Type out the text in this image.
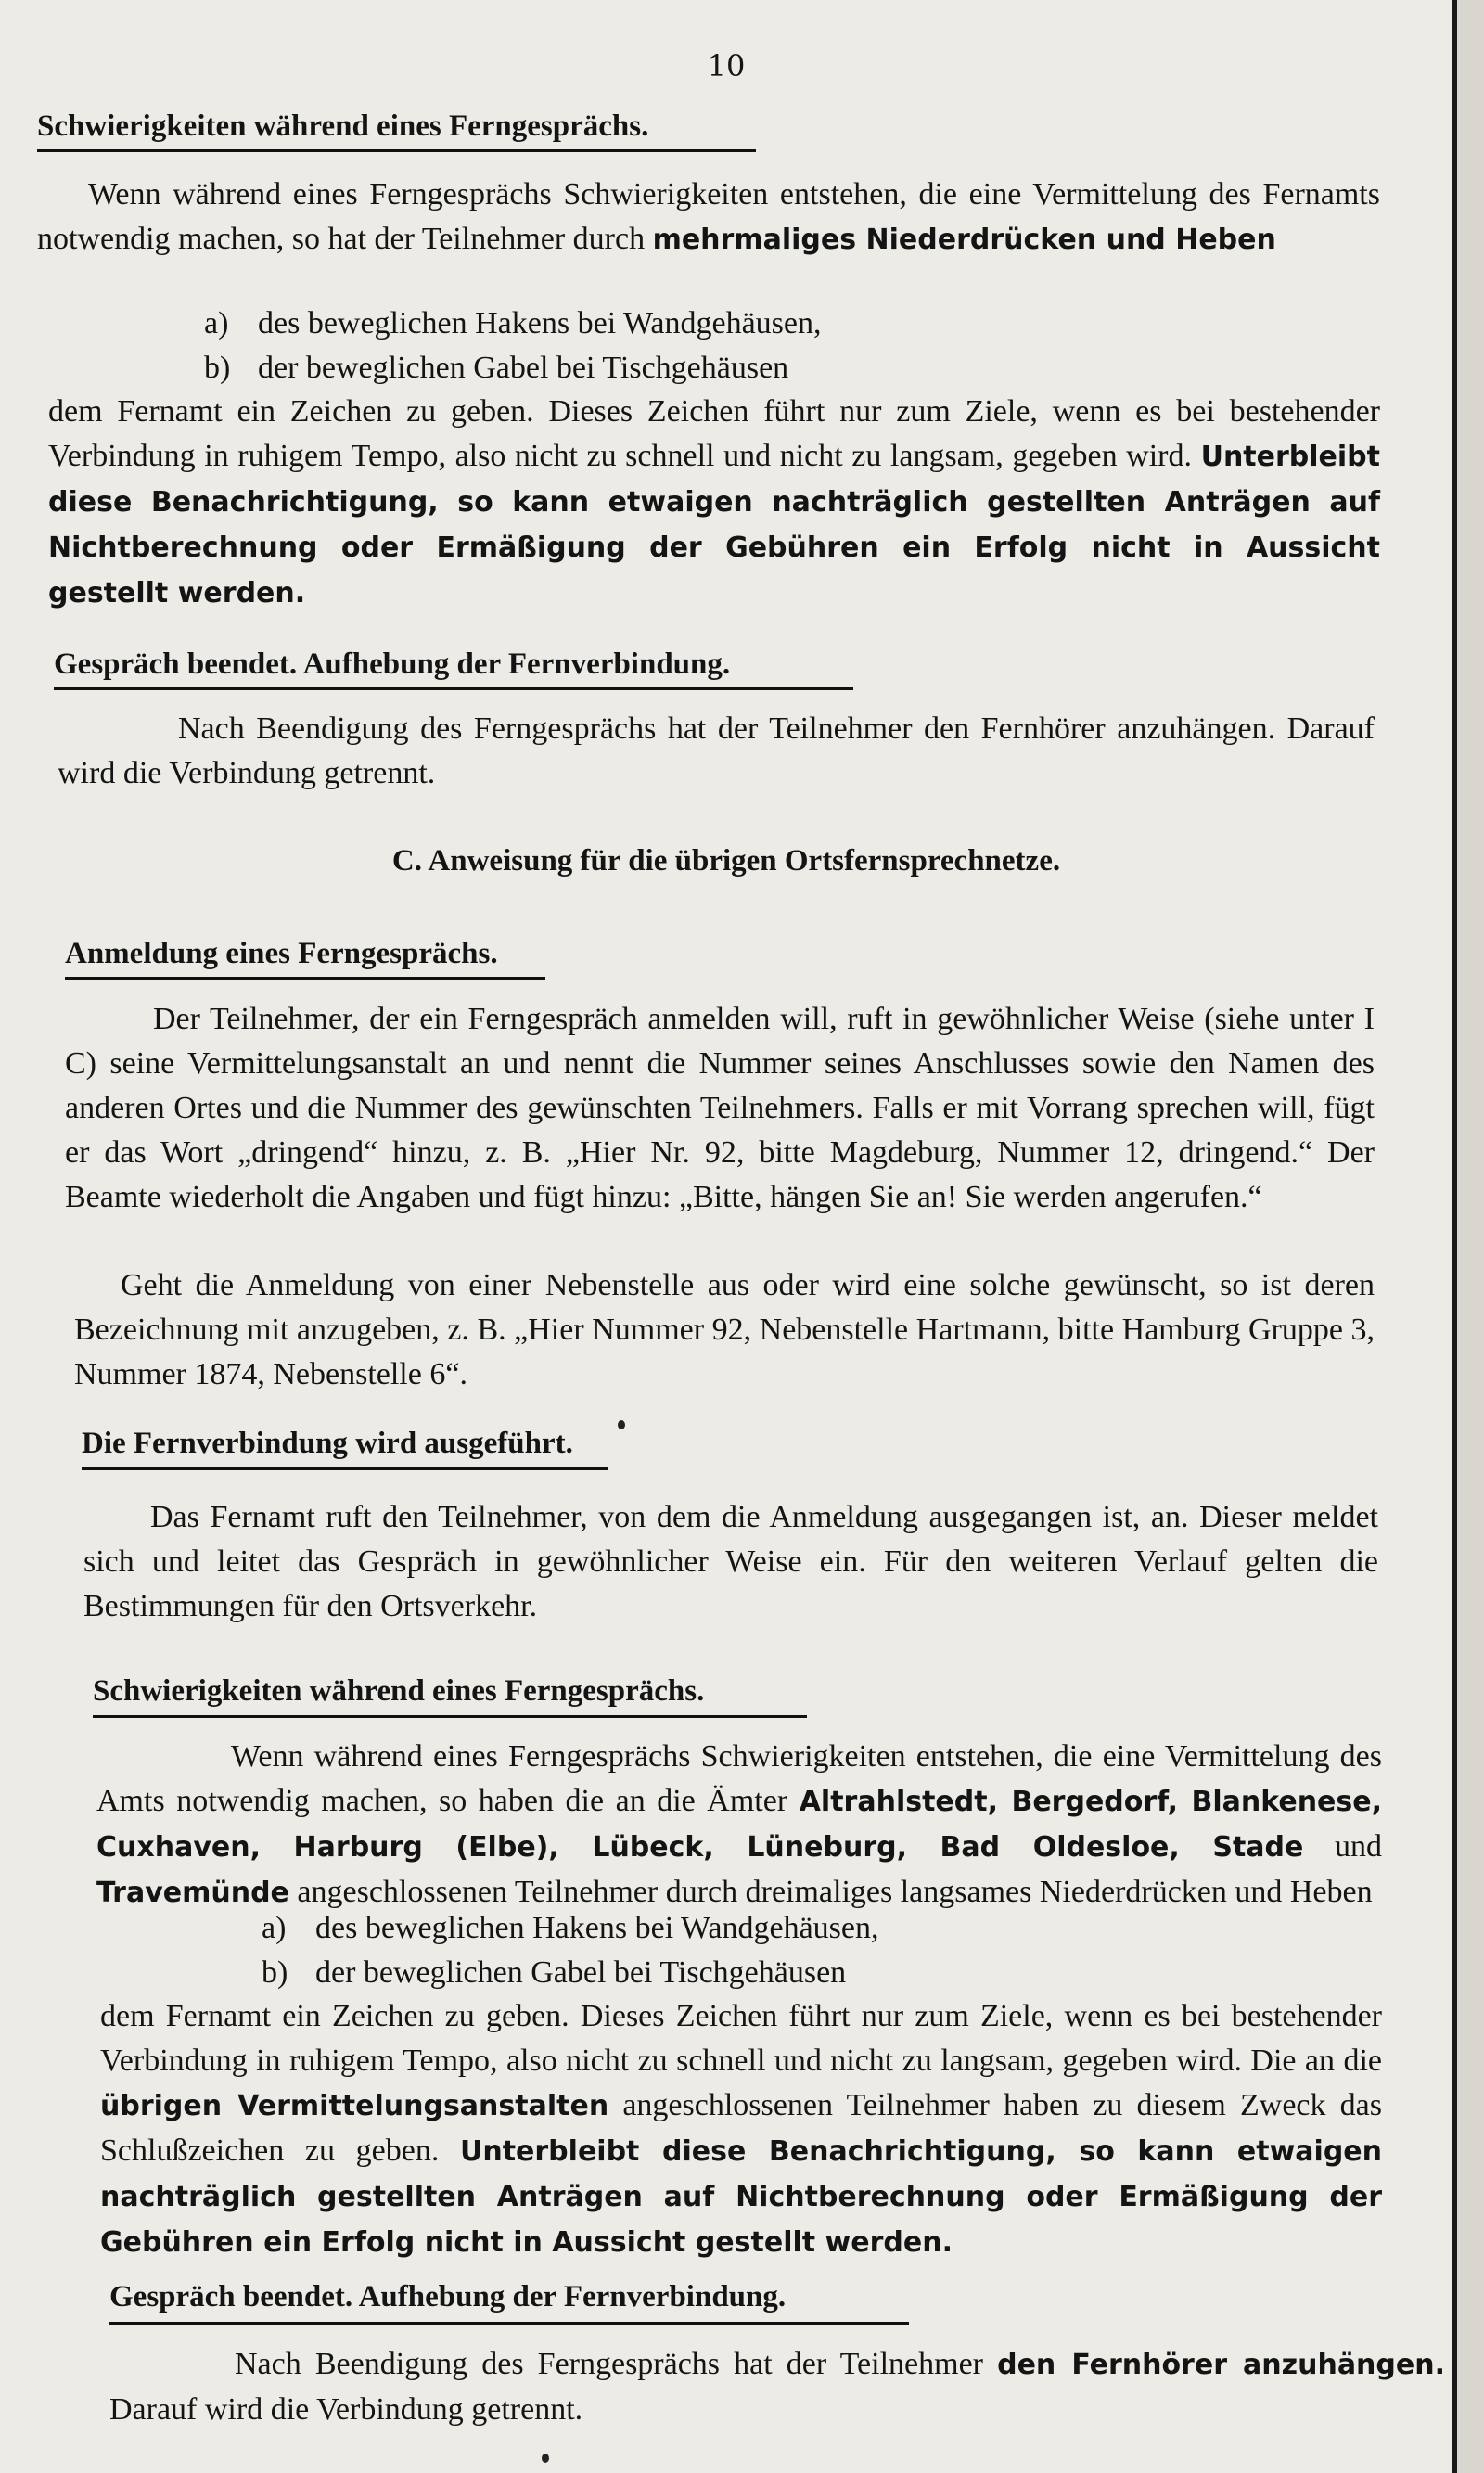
10
Schwierigkeiten während eines Ferngesprächs.
Wenn während eines Ferngesprächs Schwierigkeiten entstehen, die eine Vermittelung des Fernamts notwendig machen, so hat der Teilnehmer durch mehrmaliges Niederdrücken und Heben
a) des beweglichen Hakens bei Wandgehäusen,
b) der beweglichen Gabel bei Tischgehäusen
dem Fernamt ein Zeichen zu geben. Dieses Zeichen führt nur zum Ziele, wenn es bei bestehender Verbindung in ruhigem Tempo, also nicht zu schnell und nicht zu langsam, gegeben wird. Unterbleibt diese Benachrichtigung, so kann etwaigen nachträglich gestellten Anträgen auf Nichtberechnung oder Ermäßigung der Gebühren ein Erfolg nicht in Aussicht gestellt werden.
Gespräch beendet. Aufhebung der Fernverbindung.
Nach Beendigung des Ferngesprächs hat der Teilnehmer den Fernhörer anzuhängen. Darauf wird die Verbindung getrennt.
C. Anweisung für die übrigen Ortsfernsprechnetze.
Anmeldung eines Ferngesprächs.
Der Teilnehmer, der ein Ferngespräch anmelden will, ruft in gewöhnlicher Weise (siehe unter I C) seine Vermittelungsanstalt an und nennt die Nummer seines Anschlusses sowie den Namen des anderen Ortes und die Nummer des gewünschten Teilnehmers. Falls er mit Vorrang sprechen will, fügt er das Wort „dringend“ hinzu, z. B. „Hier Nr. 92, bitte Magdeburg, Nummer 12, dringend.“ Der Beamte wiederholt die Angaben und fügt hinzu: „Bitte, hängen Sie an! Sie werden angerufen.“
Geht die Anmeldung von einer Nebenstelle aus oder wird eine solche gewünscht, so ist deren Bezeichnung mit anzugeben, z. B. „Hier Nummer 92, Nebenstelle Hartmann, bitte Hamburg Gruppe 3, Nummer 1874, Nebenstelle 6“.
Die Fernverbindung wird ausgeführt.
Das Fernamt ruft den Teilnehmer, von dem die Anmeldung ausgegangen ist, an. Dieser meldet sich und leitet das Gespräch in gewöhnlicher Weise ein. Für den weiteren Verlauf gelten die Bestimmungen für den Ortsverkehr.
Schwierigkeiten während eines Ferngesprächs.
Wenn während eines Ferngesprächs Schwierigkeiten entstehen, die eine Vermittelung des Amts notwendig machen, so haben die an die Ämter Altrahlstedt, Bergedorf, Blankenese, Cuxhaven, Harburg (Elbe), Lübeck, Lüneburg, Bad Oldesloe, Stade und Travemünde angeschlossenen Teilnehmer durch dreimaliges langsames Niederdrücken und Heben
a) des beweglichen Hakens bei Wandgehäusen,
b) der beweglichen Gabel bei Tischgehäusen
dem Fernamt ein Zeichen zu geben. Dieses Zeichen führt nur zum Ziele, wenn es bei bestehender Verbindung in ruhigem Tempo, also nicht zu schnell und nicht zu langsam, gegeben wird. Die an die übrigen Vermittelungsanstalten angeschlossenen Teilnehmer haben zu diesem Zweck das Schlußzeichen zu geben. Unterbleibt diese Benachrichtigung, so kann etwaigen nachträglich gestellten Anträgen auf Nichtberechnung oder Ermäßigung der Gebühren ein Erfolg nicht in Aussicht gestellt werden.
Gespräch beendet. Aufhebung der Fernverbindung.
Nach Beendigung des Ferngesprächs hat der Teilnehmer den Fernhörer anzuhängen. Darauf wird die Verbindung getrennt.
